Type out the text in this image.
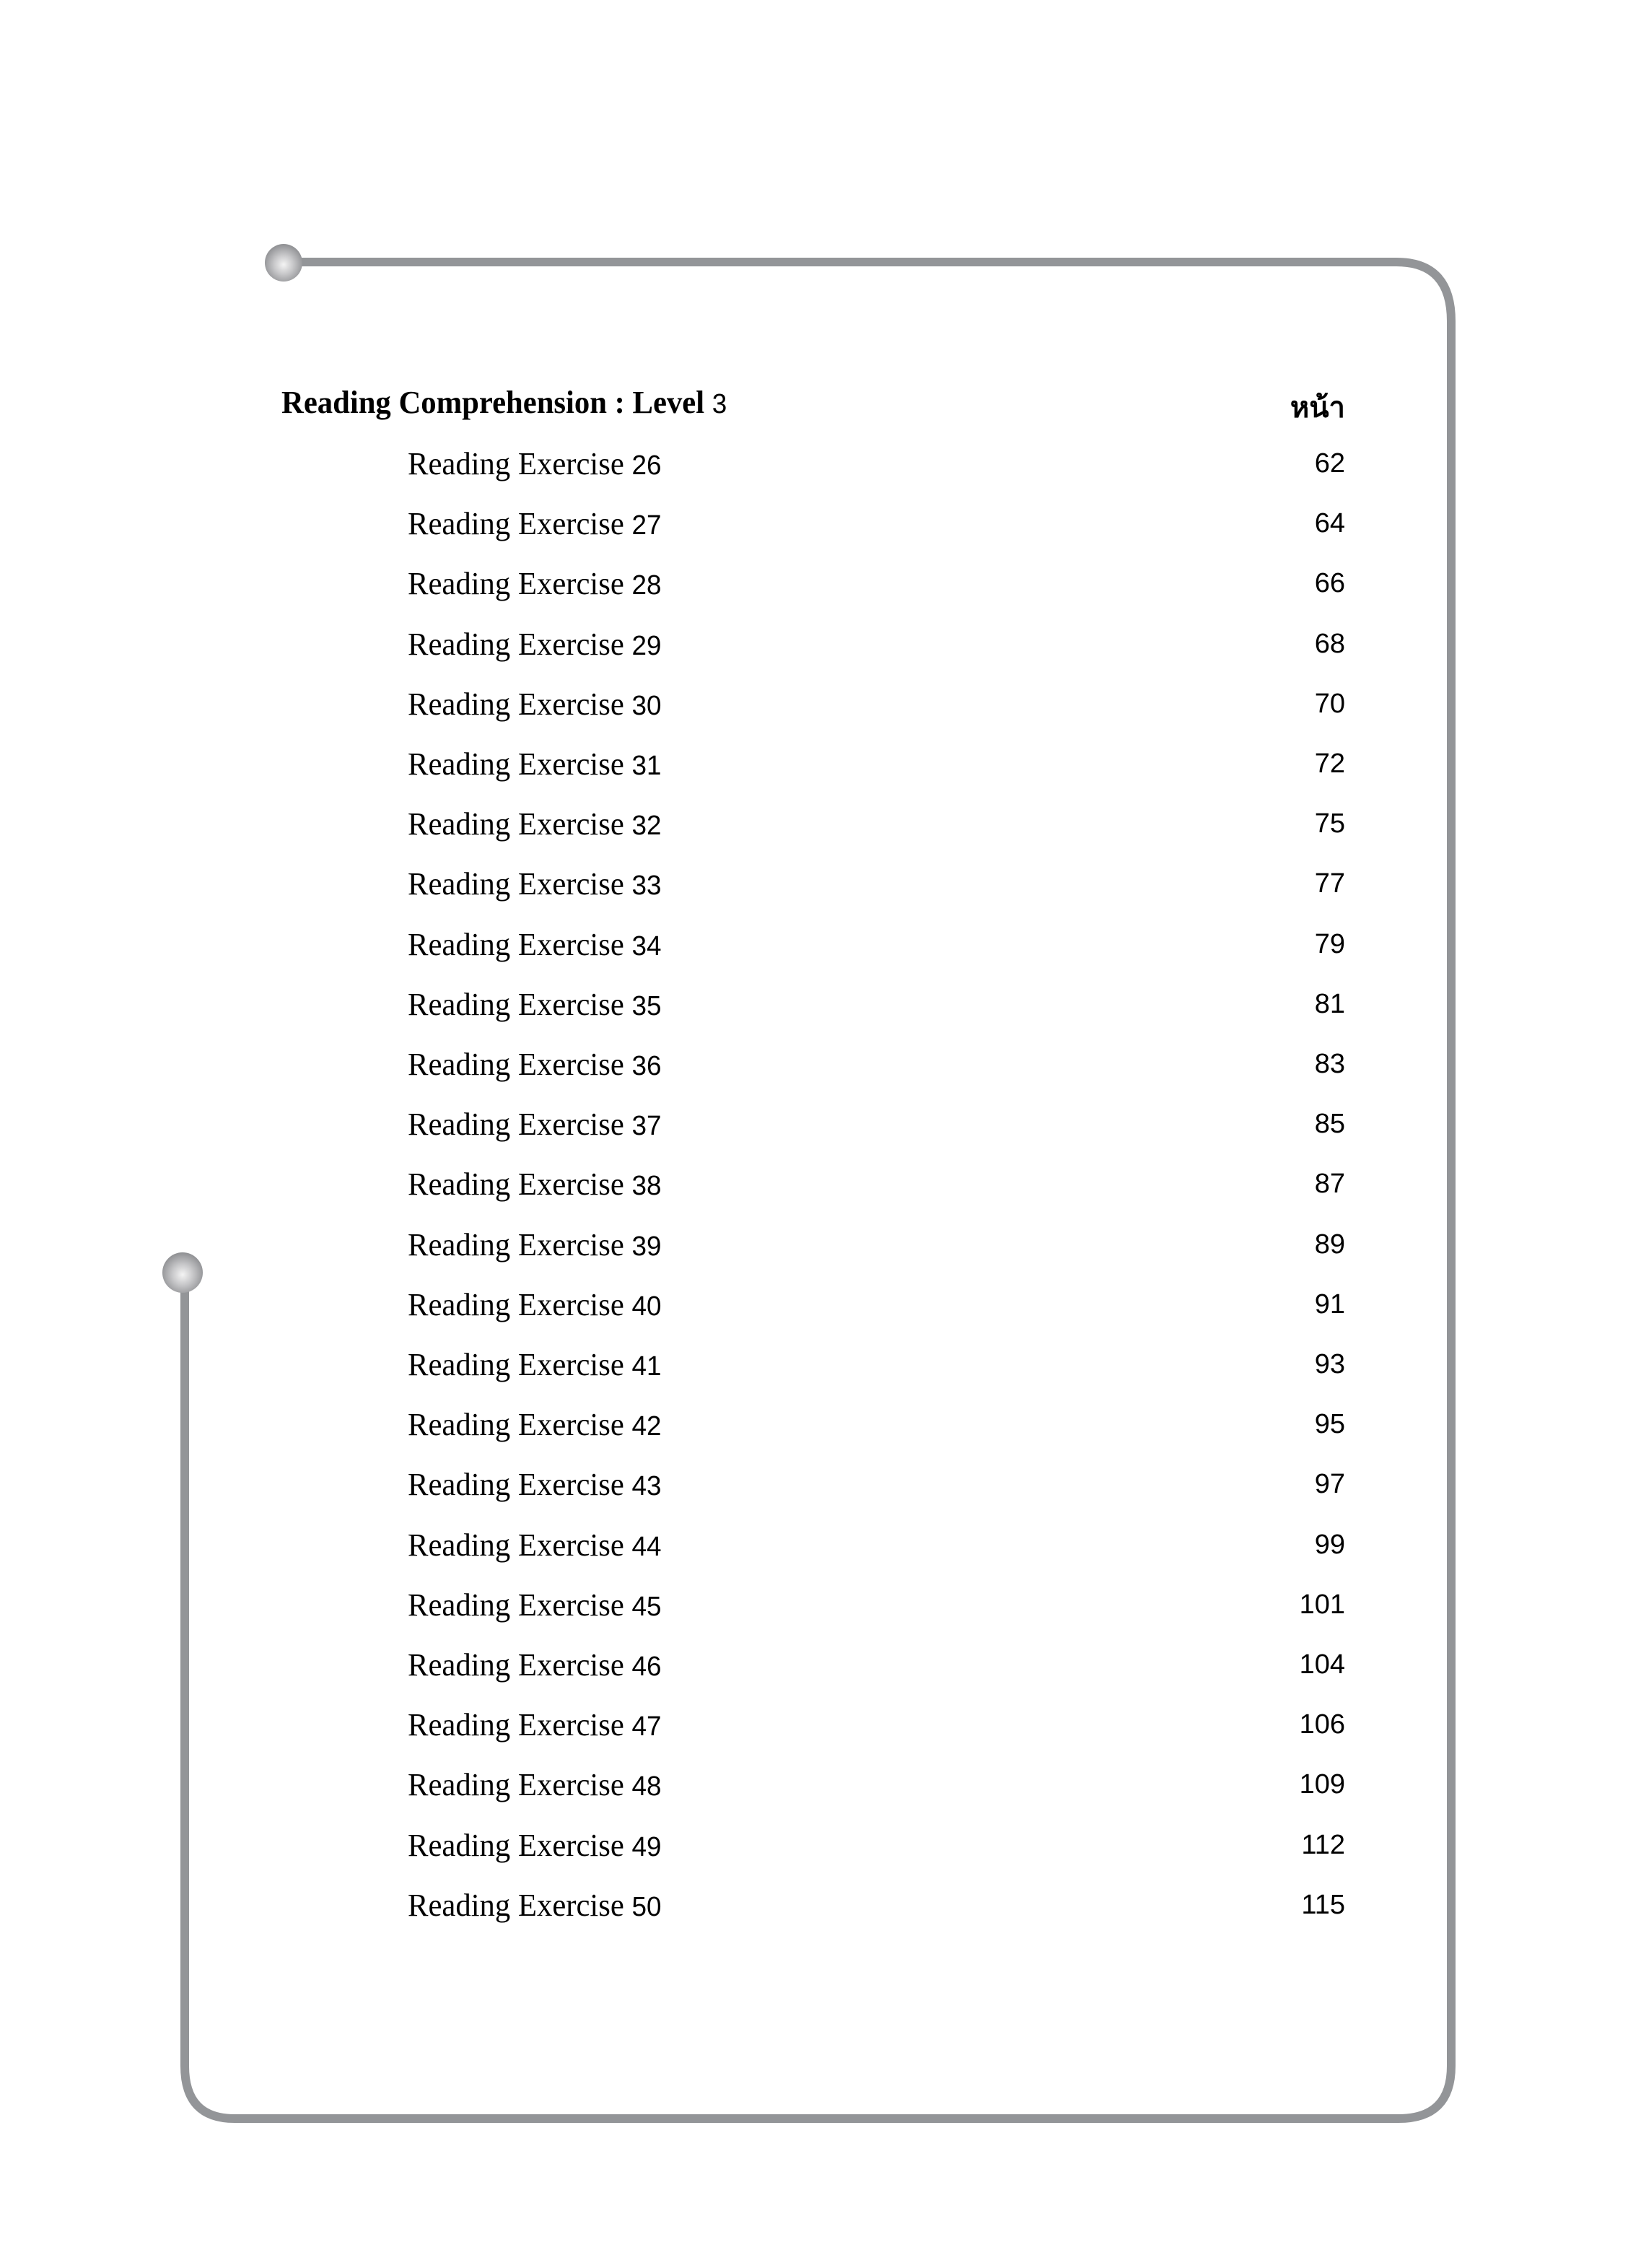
Reading Comprehension : Level 3	หน้า
Reading Exercise 26	62
Reading Exercise 27	64
Reading Exercise 28	66
Reading Exercise 29	68
Reading Exercise 30	70
Reading Exercise 31	72
Reading Exercise 32	75
Reading Exercise 33	77
Reading Exercise 34	79
Reading Exercise 35	81
Reading Exercise 36	83
Reading Exercise 37	85
Reading Exercise 38	87
Reading Exercise 39	89
Reading Exercise 40	91
Reading Exercise 41	93
Reading Exercise 42	95
Reading Exercise 43	97
Reading Exercise 44	99
Reading Exercise 45	101
Reading Exercise 46	104
Reading Exercise 47	106
Reading Exercise 48	109
Reading Exercise 49	112
Reading Exercise 50	115
